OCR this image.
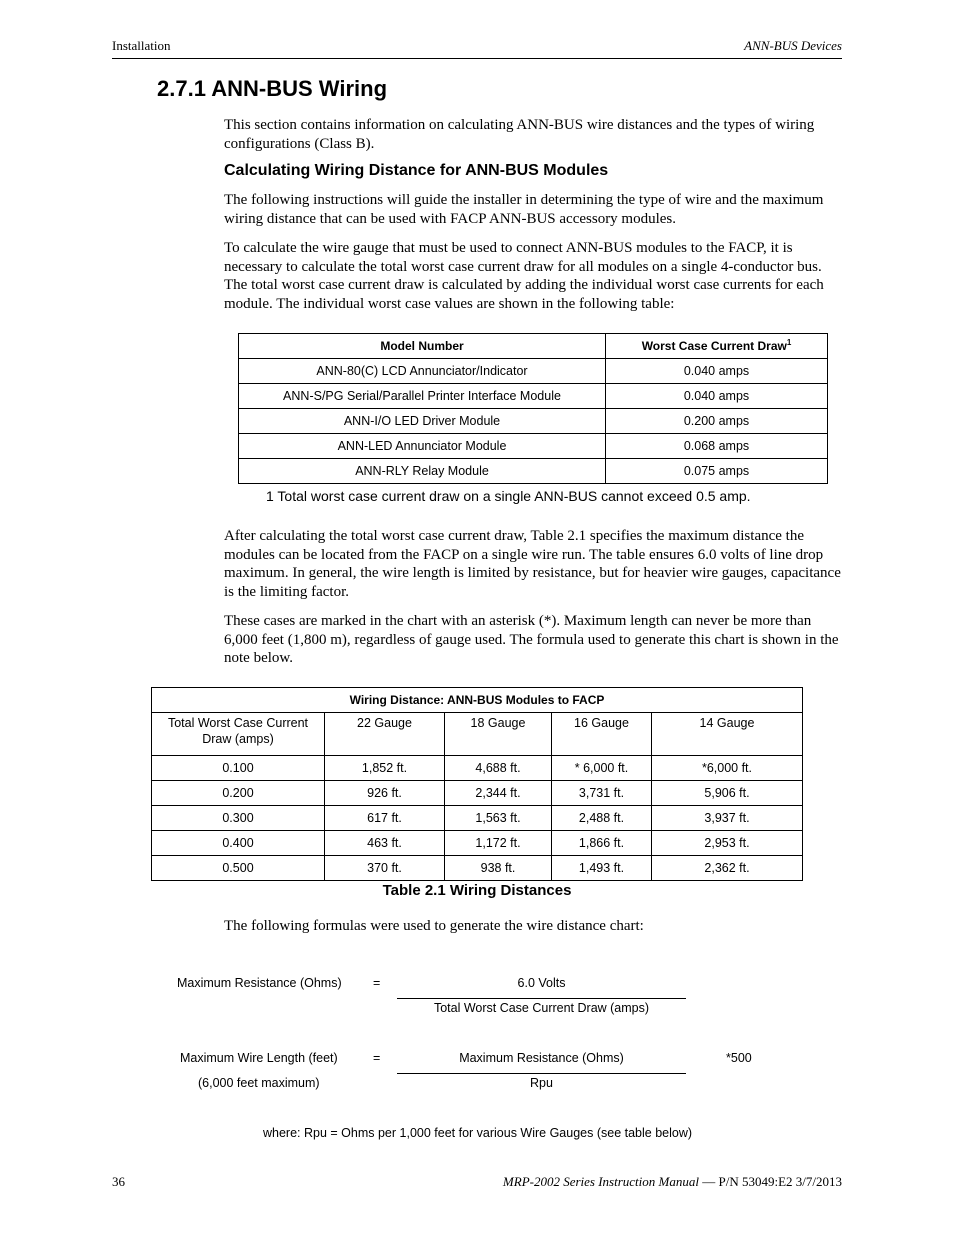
Installation	ANN-BUS Devices
2.7.1 ANN-BUS Wiring
This section contains information on calculating ANN-BUS wire distances and the types of wiring configurations (Class B).
Calculating Wiring Distance for ANN-BUS Modules
The following instructions will guide the installer in determining the type of wire and the maximum wiring distance that can be used with FACP ANN-BUS accessory modules.
To calculate the wire gauge that must be used to connect ANN-BUS modules to the FACP, it is necessary to calculate the total worst case current draw for all modules on a single 4-conductor bus. The total worst case current draw is calculated by adding the individual worst case currents for each module. The individual worst case values are shown in the following table:
Model Number	Worst Case Current Draw$^1$
ANN-80(C) LCD Annunciator/Indicator	0.040 amps
ANN-S/PG Serial/Parallel Printer Interface Module	0.040 amps
ANN-I/O LED Driver Module	0.200 amps
ANN-LED Annunciator Module	0.068 amps
ANN-RLY Relay Module	0.075 amps
1 Total worst case current draw on a single ANN-BUS cannot exceed 0.5 amp.
After calculating the total worst case current draw, Table 2.1 specifies the maximum distance the modules can be located from the FACP on a single wire run. The table ensures 6.0 volts of line drop maximum. In general, the wire length is limited by resistance, but for heavier wire gauges, capacitance is the limiting factor.
These cases are marked in the chart with an asterisk (*). Maximum length can never be more than 6,000 feet (1,800 m), regardless of gauge used. The formula used to generate this chart is shown in the note below.
Wiring Distance: ANN-BUS Modules to FACP				
Total Worst Case Current Draw (amps)	22 Gauge	18 Gauge	16 Gauge	14 Gauge
0.100	1,852 ft.	4,688 ft.	* 6,000 ft.	*6,000 ft.
0.200	926 ft.	2,344 ft.	3,731 ft.	5,906 ft.
0.300	617 ft.	1,563 ft.	2,488 ft.	3,937 ft.
0.400	463 ft.	1,172 ft.	1,866 ft.	2,953 ft.
0.500	370 ft.	938 ft.	1,493 ft.	2,362 ft.
Table 2.1 Wiring Distances
The following formulas were used to generate the wire distance chart:
Maximum Resistance (Ohms)	=	6.0 Volts
Total Worst Case Current Draw (amps)
Maximum Wire Length (feet)
(6,000 feet maximum)
=	Maximum Resistance (Ohms)
Rpu
*500
where: Rpu = Ohms per 1,000 feet for various Wire Gauges (see table below)
36	MRP-2002 Series Instruction Manual — P/N 53049:E2 3/7/2013
